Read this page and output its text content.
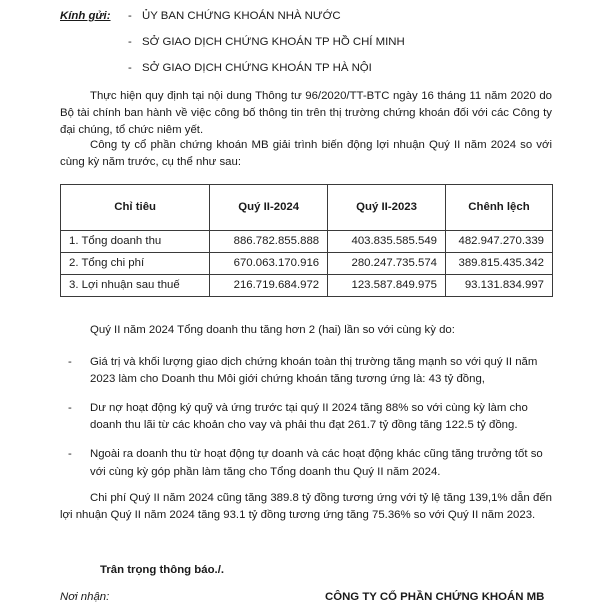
Kính gửi: - ỦY BAN CHỨNG KHOÁN NHÀ NƯỚC
- SỞ GIAO DỊCH CHỨNG KHOÁN TP HỒ CHÍ MINH
- SỞ GIAO DỊCH CHỨNG KHOÁN TP HÀ NỘI

Thực hiện quy định tại nội dung Thông tư 96/2020/TT-BTC ngày 16 tháng 11 năm 2020 do Bộ tài chính ban hành về việc công bố thông tin trên thị trường chứng khoán đối với các Công ty đại chúng, tổ chức niêm yết.

Công ty cổ phần chứng khoán MB giải trình biến động lợi nhuận Quý II năm 2024 so với cùng kỳ năm trước, cụ thể như sau:

Chỉ tiêu	Quý II-2024	Quý II-2023	Chênh lệch
1. Tổng doanh thu	886.782.855.888	403.835.585.549	482.947.270.339
2. Tổng chi phí	670.063.170.916	280.247.735.574	389.815.435.342
3. Lợi nhuận sau thuế	216.719.684.972	123.587.849.975	93.131.834.997

Quý II năm 2024 Tổng doanh thu tăng hơn 2 (hai) lần so với cùng kỳ do:

- Giá trị và khối lượng giao dịch chứng khoán toàn thị trường tăng mạnh so với quý II năm 2023 làm cho Doanh thu Môi giới chứng khoán tăng tương ứng là: 43 tỷ đồng,
- Dư nợ hoạt động ký quỹ và ứng trước tại quý II 2024 tăng 88% so với cùng kỳ làm cho doanh thu lãi từ các khoản cho vay và phải thu đạt 261.7 tỷ đồng tăng 122.5 tỷ đồng.
- Ngoài ra doanh thu từ hoạt động tự doanh và các hoạt động khác cũng tăng trưởng tốt so với cùng kỳ góp phần làm tăng cho Tổng doanh thu Quý II năm 2024.

Chi phí Quý II năm 2024 cũng tăng 389.8 tỷ đồng tương ứng với tỷ lệ tăng 139,1% dẫn đến lợi nhuận Quý II năm 2024 tăng 93.1 tỷ đồng tương ứng tăng 75.36% so với Quý II năm 2023.

Trân trọng thông báo./.
Nơi nhận:	CÔNG TY CỔ PHẦN CHỨNG KHOÁN MB
